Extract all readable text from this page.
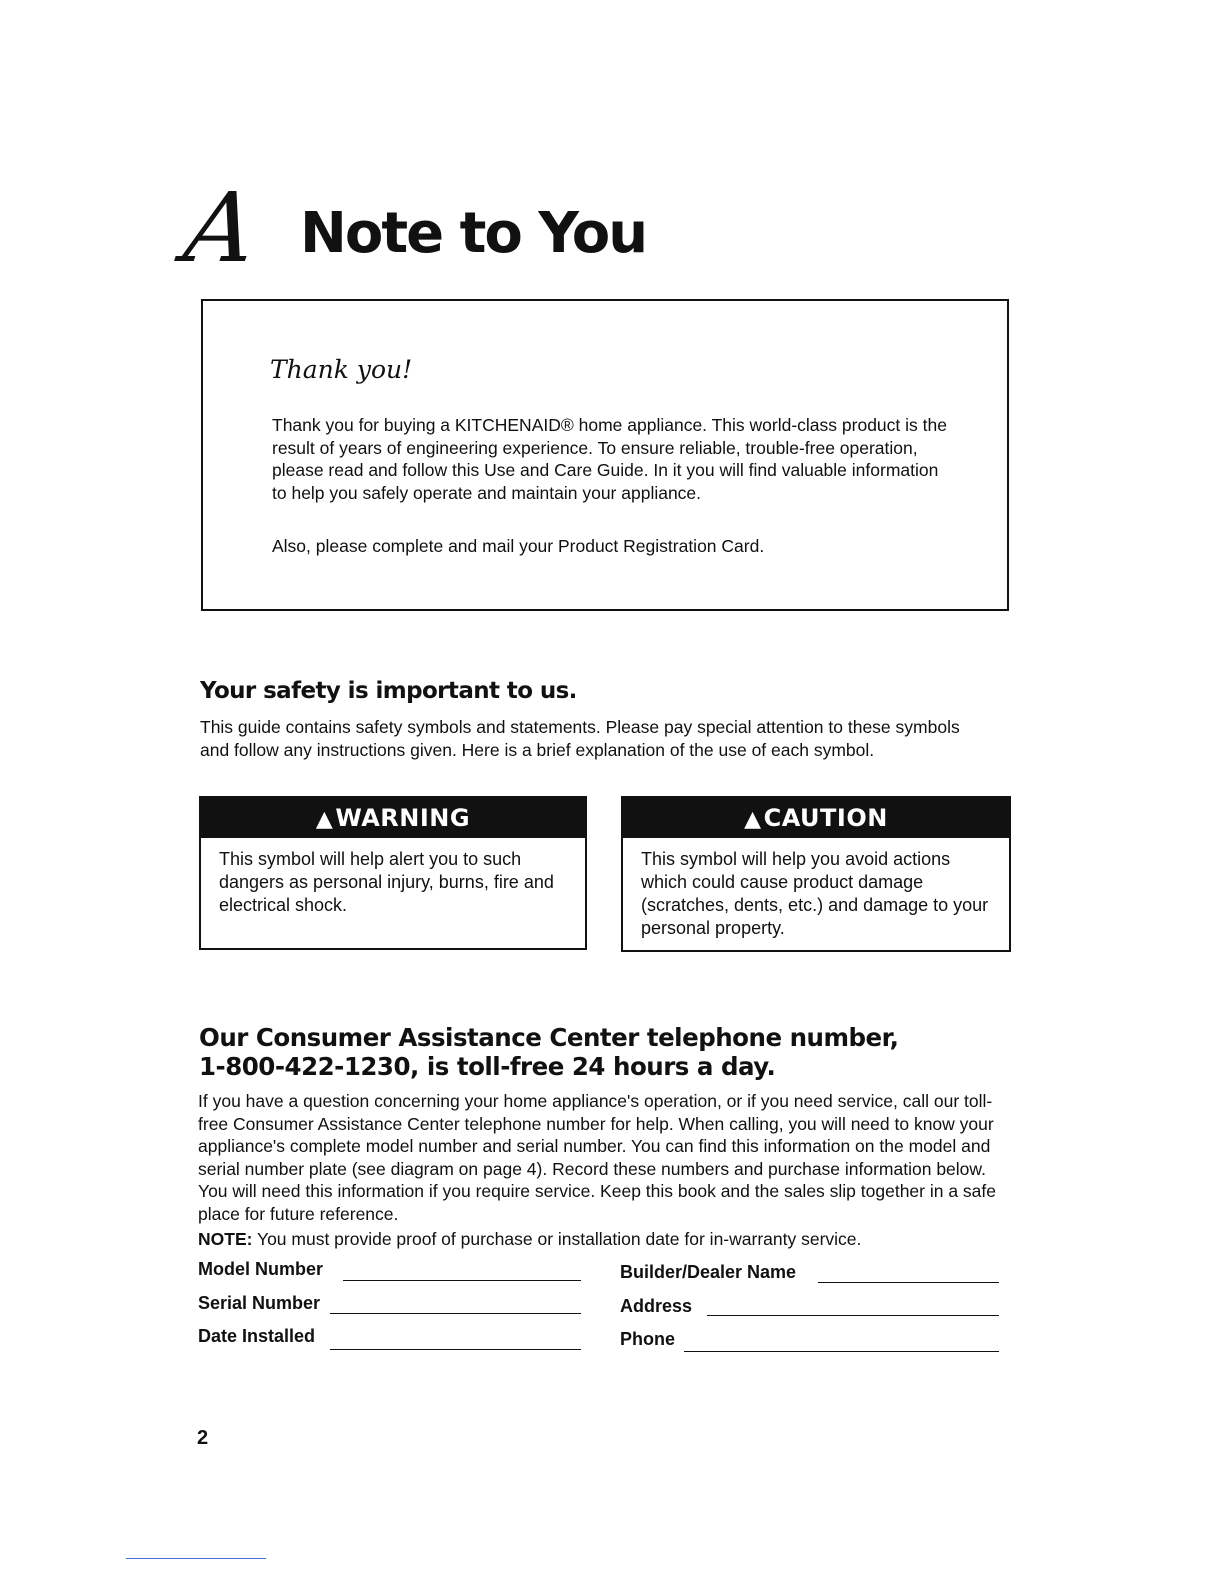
A Note to You
Thank you!

Thank you for buying a KITCHENAID® home appliance. This world-class product is the result of years of engineering experience. To ensure reliable, trouble-free operation, please read and follow this Use and Care Guide. In it you will find valuable information to help you safely operate and maintain your appliance.

Also, please complete and mail your Product Registration Card.

Your safety is important to us.

This guide contains safety symbols and statements. Please pay special attention to these symbols and follow any instructions given. Here is a brief explanation of the use of each symbol.

▲WARNING
This symbol will help alert you to such dangers as personal injury, burns, fire and electrical shock.
▲CAUTION
This symbol will help you avoid actions which could cause product damage (scratches, dents, etc.) and damage to your personal property.
Our Consumer Assistance Center telephone number,
1-800-422-1230, is toll-free 24 hours a day.

If you have a question concerning your home appliance's operation, or if you need service, call our toll-free Consumer Assistance Center telephone number for help. When calling, you will need to know your appliance's complete model number and serial number. You can find this information on the model and serial number plate (see diagram on page 4). Record these numbers and purchase information below. You will need this information if you require service. Keep this book and the sales slip together in a safe place for future reference.

NOTE: You must provide proof of purchase or installation date for in-warranty service.

Model Number
Serial Number
Date Installed
Builder/Dealer Name
Address
Phone
2
